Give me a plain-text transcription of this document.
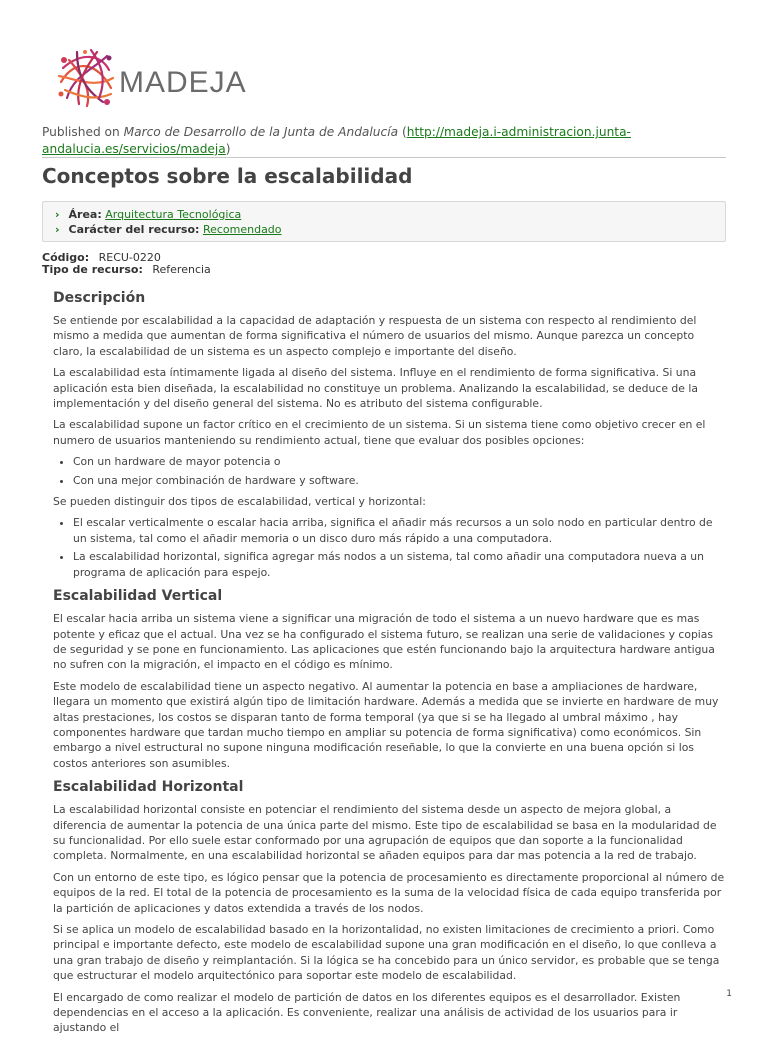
MADEJA
Published on Marco de Desarrollo de la Junta de Andalucía (http://madeja.i-administracion.junta-andalucia.es/servicios/madeja)
Conceptos sobre la escalabilidad
› Área: Arquitectura Tecnológica
› Carácter del recurso: Recomendado
Código: RECU-0220
Tipo de recurso: Referencia
Descripción

Se entiende por escalabilidad a la capacidad de adaptación y respuesta de un sistema con respecto al rendimiento del mismo a medida que aumentan de forma significativa el número de usuarios del mismo. Aunque parezca un concepto claro, la escalabilidad de un sistema es un aspecto complejo e importante del diseño.

La escalabilidad esta íntimamente ligada al diseño del sistema. Influye en el rendimiento de forma significativa. Si una aplicación esta bien diseñada, la escalabilidad no constituye un problema. Analizando la escalabilidad, se deduce de la implementación y del diseño general del sistema. No es atributo del sistema configurable.

La escalabilidad supone un factor crítico en el crecimiento de un sistema. Si un sistema tiene como objetivo crecer en el numero de usuarios manteniendo su rendimiento actual, tiene que evaluar dos posibles opciones:

• Con un hardware de mayor potencia o
• Con una mejor combinación de hardware y software.

Se pueden distinguir dos tipos de escalabilidad, vertical y horizontal:

• El escalar verticalmente o escalar hacia arriba, significa el añadir más recursos a un solo nodo en particular dentro de un sistema, tal como el añadir memoria o un disco duro más rápido a una computadora.
• La escalabilidad horizontal, significa agregar más nodos a un sistema, tal como añadir una computadora nueva a un programa de aplicación para espejo.
Escalabilidad Vertical

El escalar hacia arriba un sistema viene a significar una migración de todo el sistema a un nuevo hardware que es mas potente y eficaz que el actual. Una vez se ha configurado el sistema futuro, se realizan una serie de validaciones y copias de seguridad y se pone en funcionamiento. Las aplicaciones que estén funcionando bajo la arquitectura hardware antigua no sufren con la migración, el impacto en el código es mínimo.

Este modelo de escalabilidad tiene un aspecto negativo. Al aumentar la potencia en base a ampliaciones de hardware, llegara un momento que existirá algún tipo de limitación hardware. Además a medida que se invierte en hardware de muy altas prestaciones, los costos se disparan tanto de forma temporal (ya que si se ha llegado al umbral máximo , hay componentes hardware que tardan mucho tiempo en ampliar su potencia de forma significativa) como económicos. Sin embargo a nivel estructural no supone ninguna modificación reseñable, lo que la convierte en una buena opción si los costos anteriores son asumibles.

Escalabilidad Horizontal

La escalabilidad horizontal consiste en potenciar el rendimiento del sistema desde un aspecto de mejora global, a diferencia de aumentar la potencia de una única parte del mismo. Este tipo de escalabilidad se basa en la modularidad de su funcionalidad. Por ello suele estar conformado por una agrupación de equipos que dan soporte a la funcionalidad completa. Normalmente, en una escalabilidad horizontal se añaden equipos para dar mas potencia a la red de trabajo.

Con un entorno de este tipo, es lógico pensar que la potencia de procesamiento es directamente proporcional al número de equipos de la red. El total de la potencia de procesamiento es la suma de la velocidad física de cada equipo transferida por la partición de aplicaciones y datos extendida a través de los nodos.

Si se aplica un modelo de escalabilidad basado en la horizontalidad, no existen limitaciones de crecimiento a priori. Como principal e importante defecto, este modelo de escalabilidad supone una gran modificación en el diseño, lo que conlleva a una gran trabajo de diseño y reimplantación. Si la lógica se ha concebido para un único servidor, es probable que se tenga que estructurar el modelo arquitectónico para soportar este modelo de escalabilidad.

El encargado de como realizar el modelo de partición de datos en los diferentes equipos es el desarrollador. Existen dependencias en el acceso a la aplicación. Es conveniente, realizar una análisis de actividad de los usuarios para ir ajustando el

1
